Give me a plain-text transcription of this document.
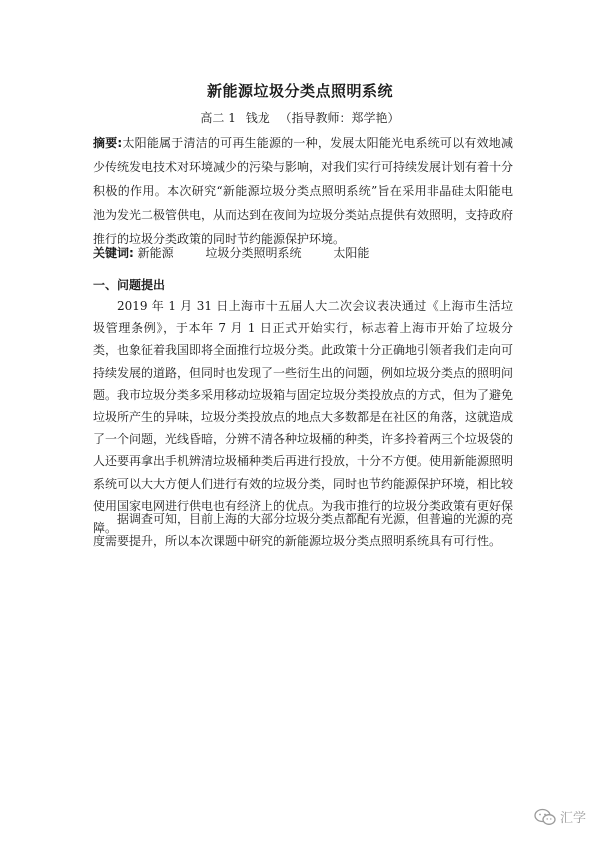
新能源垃圾分类点照明系统
高二 1 钱龙 （指导教师：郑学艳）

摘要:太阳能属于清洁的可再生能源的一种，发展太阳能光电系统可以有效地减少传统发电技术对环境减少的污染与影响，对我们实行可持续发展计划有着十分积极的作用。本次研究“新能源垃圾分类点照明系统”旨在采用非晶硅太阳能电池为发光二极管供电，从而达到在夜间为垃圾分类站点提供有效照明，支持政府推行的垃圾分类政策的同时节约能源保护环境。

关键词: 新能源	垃圾分类照明系统	太阳能
一、问题提出

2019 年 1 月 31 日上海市十五届人大二次会议表决通过《上海市生活垃圾管理条例》，于本年 7 月 1 日正式开始实行，标志着上海市开始了垃圾分类，也象征着我国即将全面推行垃圾分类。此政策十分正确地引领者我们走向可持续发展的道路，但同时也发现了一些衍生出的问题，例如垃圾分类点的照明问题。我市垃圾分类多采用移动垃圾箱与固定垃圾分类投放点的方式，但为了避免垃圾所产生的异味，垃圾分类投放点的地点大多数都是在社区的角落，这就造成了一个问题，光线昏暗，分辨不清各种垃圾桶的种类，许多拎着两三个垃圾袋的人还要再拿出手机辨清垃圾桶种类后再进行投放，十分不方便。使用新能源照明系统可以大大方便人们进行有效的垃圾分类，同时也节约能源保护环境，相比较使用国家电网进行供电也有经济上的优点。为我市推行的垃圾分类政策有更好保障。

据调查可知，目前上海的大部分垃圾分类点都配有光源，但普遍的光源的亮度需要提升，所以本次课题中研究的新能源垃圾分类点照明系统具有可行性。

汇学
